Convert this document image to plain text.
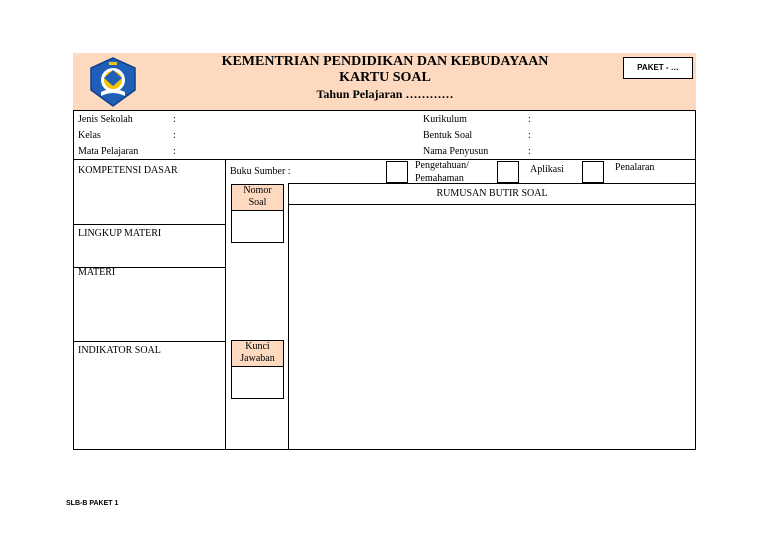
KEMENTRIAN PENDIDIKAN DAN KEBUDAYAAN
KARTU SOAL
Tahun Pelajaran …………
PAKET - …
Jenis Sekolah	:
Kelas	:
Mata Pelajaran	:
Kurikulum	:
Bentuk Soal	:
Nama Penyusun	:
KOMPETENSI DASAR
LINGKUP MATERI
MATERI
INDIKATOR SOAL
Buku Sumber :
Pengetahuan/
Pemahaman
Aplikasi	Penalaran
Nomor
Soal
Kunci
Jawaban
RUMUSAN BUTIR SOAL
SLB-B PAKET 1
